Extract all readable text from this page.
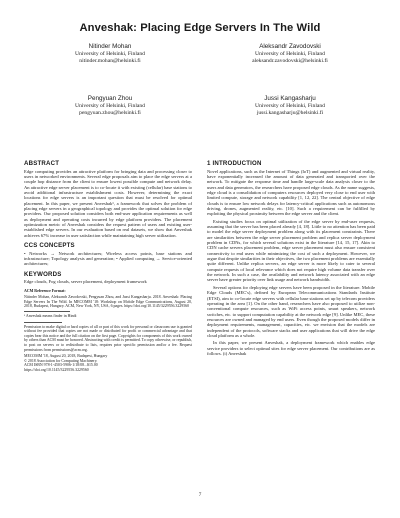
Anveshak: Placing Edge Servers In The Wild
Nitinder Mohan
University of Helsinki, Finland
nitinder.mohan@helsinki.fi
Aleksandr Zavodovski
University of Helsinki, Finland
aleksandr.zavodovski@helsinki.fi
Pengyuan Zhou
University of Helsinki, Finland
pengyuan.zhou@helsinki.fi
Jussi Kangasharju
University of Helsinki, Finland
jussi.kangasharju@helsinki.fi
ABSTRACT

Edge computing provides an attractive platform for bringing data and processing closer to users in networked environments. Several edge proposals aim to place the edge servers at a couple hop distance from the client to ensure lowest possible compute and network delay. An attractive edge server placement is to co-locate it with existing (cellular) base stations to avoid additional infrastructure establishment costs. However, determining the exact locations for edge servers is an important question that must be resolved for optimal placement. In this paper, we present Anveshak¹, a framework that solves the problem of placing edge servers in a geographical topology and provides the optimal solution for edge providers. Our proposed solution considers both end-user application requirements as well as deployment and operating costs incurred by edge platform providers. The placement optimization metric of Anveshak considers the request pattern of users and existing user-established edge servers. In our evaluation based on real datasets, we show that Anveshak achieves 67% increase in user satisfaction while maintaining high server utilization.

CCS CONCEPTS

• Networks → Network architectures; Wireless access points, base stations and infrastructure; Topology analysis and generation; • Applied computing → Service-oriented architectures;

KEYWORDS

Edge clouds, Fog clouds, server placement, deployment framework

ACM Reference Format:

Nitinder Mohan, Aleksandr Zavodovski, Pengyuan Zhou, and Jussi Kangasharju. 2018. Anveshak: Placing Edge Servers In The Wild. In MECOMM '18: Workshop on Mobile Edge Communications, August 20, 2018, Budapest, Hungary. ACM, New York, NY, USA, 6 pages. https://doi.org/10.1145/3229556.3229560

¹ Anveshak means finder in Hindi

Permission to make digital or hard copies of all or part of this work for personal or classroom use is granted without fee provided that copies are not made or distributed for profit or commercial advantage and that copies bear this notice and the full citation on the first page. Copyrights for components of this work owned by others than ACM must be honored. Abstracting with credit is permitted. To copy otherwise, or republish, to post on servers or to redistribute to lists, requires prior specific permission and/or a fee. Request permissions from permissions@acm.org.

MECOMM '18, August 20, 2018, Budapest, Hungary
© 2018 Association for Computing Machinery.
ACM ISBN 978-1-4503-5906-1/18/08...$15.00
https://doi.org/10.1145/3229556.3229560
1 INTRODUCTION

Novel applications, such as the Internet of Things (IoT) and augmented and virtual reality, have exponentially increased the amount of data generated and transported over the network. To mitigate the response time and handle large-scale data analysis closer to the users and data generators, the researchers have proposed edge clouds. As the name suggests, edge cloud is a consolidation of computers resources deployed very close to end user with limited compute, storage and network capability [1, 12, 22]. The central objective of edge clouds is to ensure low network delays for latency-critical applications such as autonomous driving, drones, augmented reality, etc. [10]. Such a requirement can be fulfilled by exploiting the physical proximity between the edge server and the client.

Existing studies focus on optimal utilization of the edge server by end-user requests, assuming that the server has been placed already [4, 18]. Little to no attention has been paid to model the edge server deployment problem along with its placement constraints. There are similarities between the edge server placement problem and replica server deployment problem in CDNs, for which several solutions exist in the literature [14, 15, 17]. Akin to CDN cache servers placement problem, edge server placement must also ensure consistent connectivity to end users while minimizing the cost of such a deployment. However, we argue that despite similarities in their objectives, the two placement problems are essentially quite different. Unlike replica servers, an edge server is more likely to cater to several compute requests of local relevance which does not require high volume data transfer over the network. In such a case, the availability and network latency associated with an edge server have greater priority over link usage and network bandwidth.

Several options for deploying edge servers have been proposed in the literature. Mobile Edge Clouds (MEC's), defined by European Telecommunications Standards Institute (ETSI), aim to co-locate edge servers with cellular base stations set up by telecom providers operating in the area [1]. On the other hand, researchers have also proposed to utilize non-conventional compute resources, such as WiFi access points, smart speakers, network switches, etc. to support computation capability at the network edge [9]. Unlike MEC, these resources are owned and managed by end users. Even though the proposed models differ in deployment requirements, management, capacities, etc. we envision that the models are independent of the protocols, software stacks and user applications that will drive the edge cloud platform as a whole.

In this paper, we present Anveshak, a deployment framework which enables edge service providers to select optimal sites for edge server placement. Our contributions are as follows. (i) Anveshak

7
